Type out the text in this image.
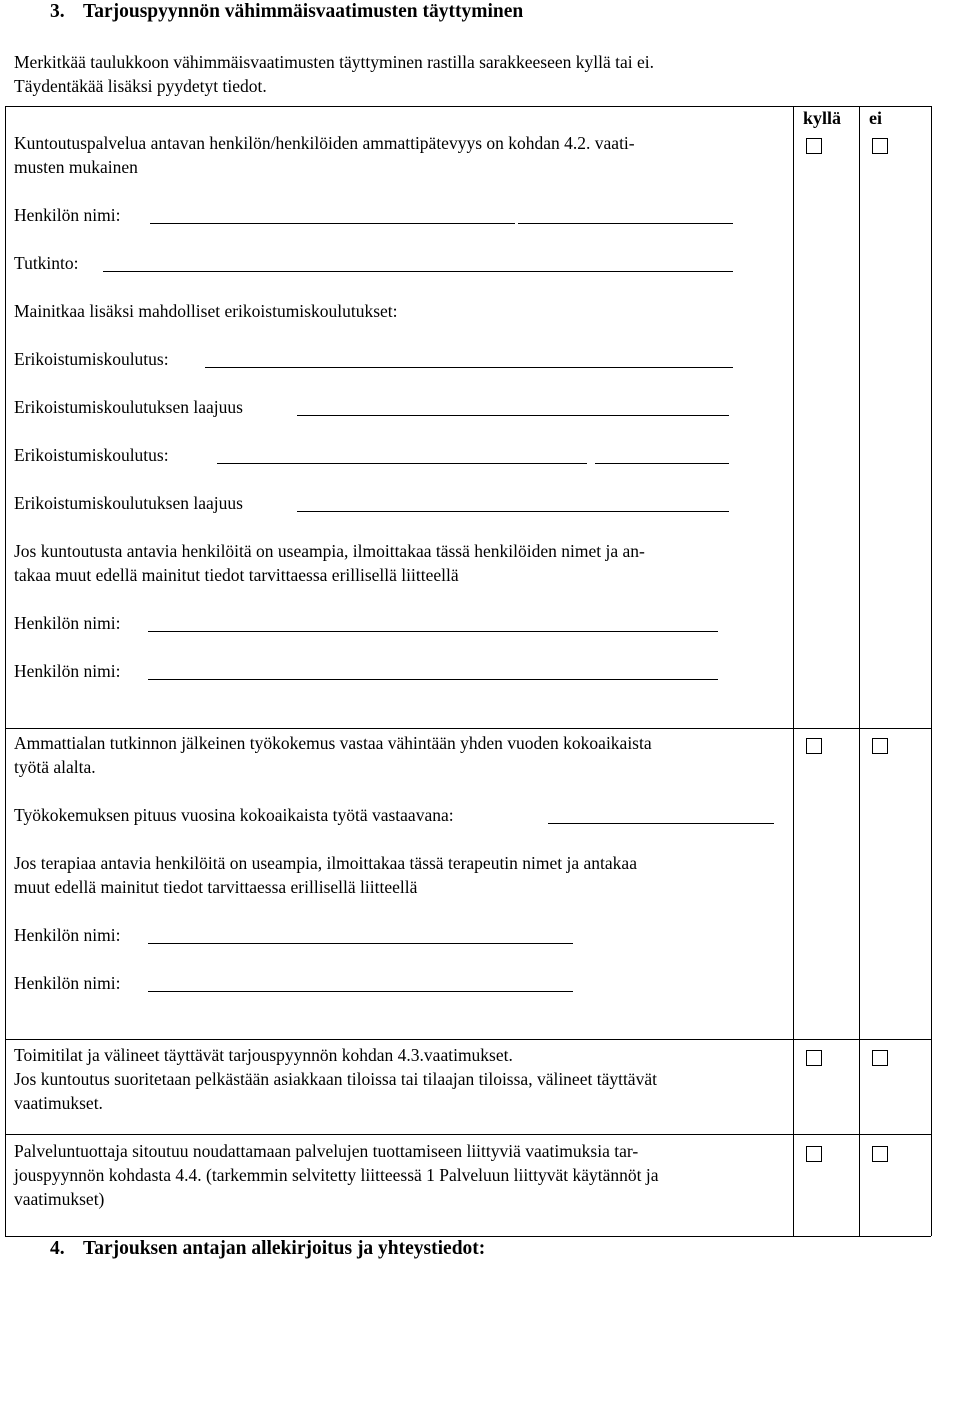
3. Tarjouspyynnön vähimmäisvaatimusten täyttyminen
Merkitkää taulukkoon vähimmäisvaatimusten täyttyminen rastilla sarakkeeseen kyllä tai ei.
Täydentäkää lisäksi pyydetyt tiedot.
kyllä ei
Kuntoutuspalvelua antavan henkilön/henkilöiden ammattipätevyys on kohdan 4.2. vaati-
musten mukainen
Henkilön nimi:
Tutkinto:
Mainitkaa lisäksi mahdolliset erikoistumiskoulutukset:
Erikoistumiskoulutus:
Erikoistumiskoulutuksen laajuus
Erikoistumiskoulutus:
Erikoistumiskoulutuksen laajuus
Jos kuntoutusta antavia henkilöitä on useampia, ilmoittakaa tässä henkilöiden nimet ja an-
takaa muut edellä mainitut tiedot tarvittaessa erillisellä liitteellä
Henkilön nimi:
Henkilön nimi:
Ammattialan tutkinnon jälkeinen työkokemus vastaa vähintään yhden vuoden kokoaikaista
työtä alalta.
Työkokemuksen pituus vuosina kokoaikaista työtä vastaavana:
Jos terapiaa antavia henkilöitä on useampia, ilmoittakaa tässä terapeutin nimet ja antakaa
muut edellä mainitut tiedot tarvittaessa erillisellä liitteellä
Henkilön nimi:
Henkilön nimi:
Toimitilat ja välineet täyttävät tarjouspyynnön kohdan 4.3.vaatimukset.
Jos kuntoutus suoritetaan pelkästään asiakkaan tiloissa tai tilaajan tiloissa, välineet täyttävät
vaatimukset.
Palveluntuottaja sitoutuu noudattamaan palvelujen tuottamiseen liittyviä vaatimuksia tar-
jouspyynnön kohdasta 4.4. (tarkemmin selvitetty liitteessä 1 Palveluun liittyvät käytännöt ja
vaatimukset)
4. Tarjouksen antajan allekirjoitus ja yhteystiedot:
